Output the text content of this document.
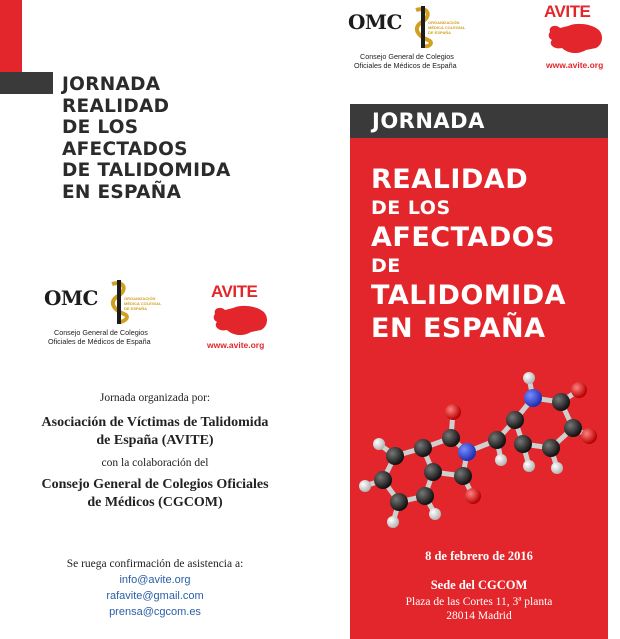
JORNADA
REALIDAD
DE LOS
AFECTADOS
DE TALIDOMIDA
EN ESPAÑA
OMC	ORGANIZACIÓN MÉDICA COLEGIAL DE ESPAÑA
Consejo General de Colegios
Oficiales de Médicos de España
AVITE
www.avite.org
OMC	ORGANIZACIÓN MÉDICA COLEGIAL DE ESPAÑA
Consejo General de Colegios
Oficiales de Médicos de España
AVITE
www.avite.org
Jornada organizada por:
Asociación de Víctimas de Talidomida
de España (AVITE)
con la colaboración del
Consejo General de Colegios Oficiales
de Médicos (CGCOM)
Se ruega confirmación de asistencia a:
info@avite.org
rafavite@gmail.com
prensa@cgcom.es
JORNADA
REALIDAD
DE LOS
AFECTADOS
DE
TALIDOMIDA
EN ESPAÑA
8 de febrero de 2016
Sede del CGCOM
Plaza de las Cortes 11, 3ª planta
28014 Madrid
